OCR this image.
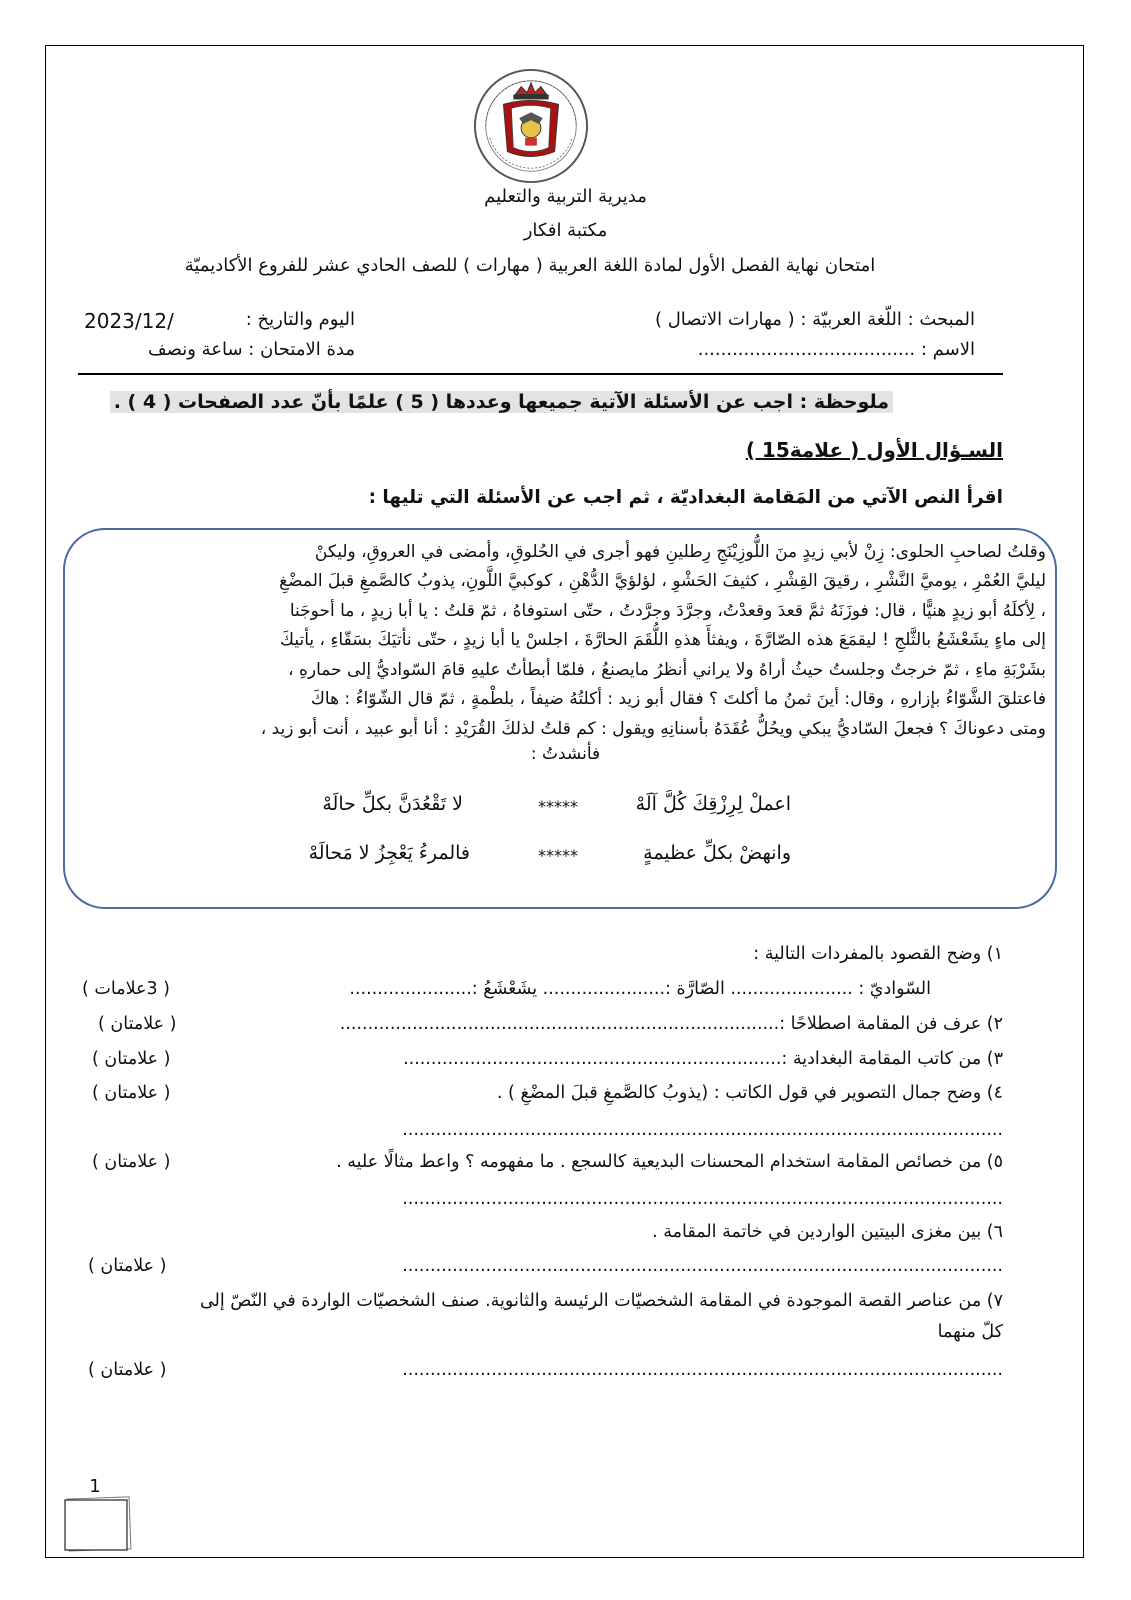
مديرية التربية والتعليم
مكتبة افكار
امتحان نهاية الفصل الأول لمادة اللغة العربية ( مهارات ) للصف الحادي عشر للفروع الأكاديميّة
المبحث : اللّغة العربيّة : ( مهارات الاتصال )
الاسم : ......................................
اليوم والتاريخ :
2023/12/
مدة الامتحان : ساعة ونصف
ملوحظة : اجب عن الأسئلة الآتية جميعها وعددها ( 5 ) علمًا بأنّ عدد الصفحات ( 4 ) .
السـؤال الأول ( علامة15 )
اقرأ النص الآتي من المَقامة البغداديّة ، ثم اجب عن الأسئلة التي تليها :
وقلتُ لصاحبِ الحلوى: زِنْ لأبي زيدٍ منَ اللُّوزِيْنَجِ رِطلينِ فهو أجرى في الحُلوقِ، وأمضى في العروقِ، وليكنْ
ليليَّ العُمْرِ ، يوميَّ النَّشْرِ ، رقيقَ القِشْرِ ، كثيفَ الحَشْوِ ، لؤلؤيَّ الدُّهْنِ ، كوكبيَّ اللَّونِ، يذوبُ كالصَّمغِ قبلَ المضْغِ
، لِأكلَهُ أبو زيدٍ هنيًّا ، قال: فوزَنَهُ ثمَّ قعدَ وقعدْتُ، وجرَّدَ وجرَّدتُ ، حتّى استوفاهُ ، ثمّ قلتُ : يا أبا زيدٍ ، ما أحوجَنا
إلى ماءٍ يشَعْشَعُ بالثَّلجِ ! ليقمَعَ هذه الصّارَّةَ ، ويفثأَ هذهِ اللُّقَمَ الحارَّةَ ، اجلسْ يا أبا زيدٍ ، حتّى نأتيَكَ بسَقّاءِ ، يأتيكَ
بشَرْبَةِ ماءِ ، ثمّ خرجتُ وجلستُ حيثُ أراهُ ولا يراني أنظرُ مايصنعُ ، فلمّا أبطأتُ عليهِ قامَ السّواديُّ إلى حمارهِ ،
فاعتلقَ الشَّوّاءُ بإزارهِ ، وقال: أينَ ثمنُ ما أكلتَ ؟ فقال أبو زيد : أكلتُهُ ضيفاً ، بلطْمةٍ ، ثمّ قال الشّوّاءُ : هاكَ
ومتى دعوناكَ ؟ فجعلَ السّاديُّ يبكي ويحُلُّ عُقَدَهُ بأسنانِهِ ويقول : كم قلتُ لذلكَ القُرَيْدِ : أنا أبو عبيد ، أنت أبو زيد ،
فأنشدتُ :
اعملْ لِرِزْقِكَ كُلَّ آلَهْ
*****
لا تَقْعُدَنَّ بكلِّ حالَهْ
وانهضْ بكلِّ عظيمةٍ
*****
فالمرءُ يَعْجِزُ لا مَحالَهْ
١) وضح القصود بالمفردات التالية :
السّواديّ : ...................... الصّارَّة :...................... يشَعْشَعُ :......................
( 3علامات )
٢) عرف فن المقامة اصطلاحًا :...............................................................................
( علامتان )
٣) من كاتب المقامة البغدادية :....................................................................
( علامتان )
٤) وضح جمال التصوير في قول الكاتب : (يذوبُ كالصَّمغِ قبلَ المضْغِ ) .
( علامتان )
............................................................................................................
٥) من خصائص المقامة استخدام المحسنات البديعية كالسجع . ما مفهومه ؟ واعط مثالًا عليه .
( علامتان )
............................................................................................................
٦) بين مغزى البيتين الواردين في خاتمة المقامة .
............................................................................................................
( علامتان )
٧) من عناصر القصة الموجودة في المقامة الشخصيّات الرئيسة والثانوية. صنف الشخصيّات الواردة في النّصّ إلى
كلّ منهما
............................................................................................................
( علامتان )
1
